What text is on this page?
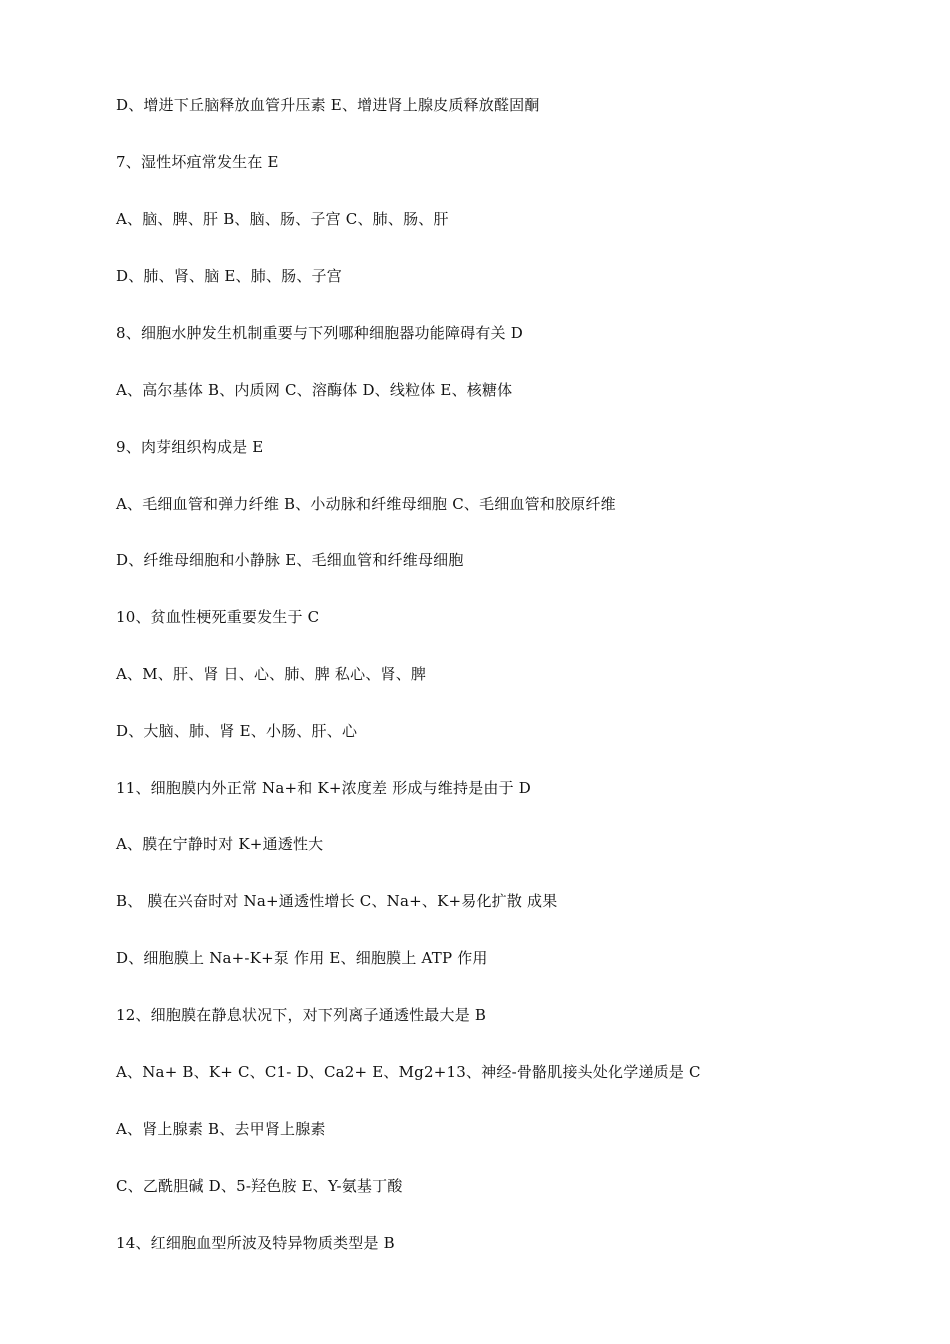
D、增进下丘脑释放血管升压素 E、增进肾上腺皮质释放醛固酮
7、湿性坏疽常发生在 E
A、脑、脾、肝 B、脑、肠、子宫 C、肺、肠、肝
D、肺、肾、脑 E、肺、肠、子宫
8、细胞水肿发生机制重要与下列哪种细胞器功能障碍有关 D
A、高尔基体 B、内质网 C、溶酶体 D、线粒体 E、核糖体
9、肉芽组织构成是 E
A、毛细血管和弹力纤维 B、小动脉和纤维母细胞 C、毛细血管和胶原纤维
D、纤维母细胞和小静脉 E、毛细血管和纤维母细胞
10、贫血性梗死重要发生于 C
A、M、肝、肾 日、心、肺、脾 私心、肾、脾
D、大脑、肺、肾 E、小肠、肝、心
11、细胞膜内外正常 Na+和 K+浓度差 形成与维持是由于 D
A、膜在宁静时对 K+通透性大
B、 膜在兴奋时对 Na+通透性增长 C、Na+、K+易化扩散 成果
D、细胞膜上 Na+-K+泵 作用 E、细胞膜上 ATP 作用
12、细胞膜在静息状况下，对下列离子通透性最大是 B
A、Na+ B、K+ C、C1- D、Ca2+ E、Mg2+13、神经-骨骼肌接头处化学递质是 C
A、肾上腺素 B、去甲肾上腺素
C、乙酰胆碱 D、5-羟色胺 E、Y-氨基丁酸
14、红细胞血型所波及特异物质类型是 B
